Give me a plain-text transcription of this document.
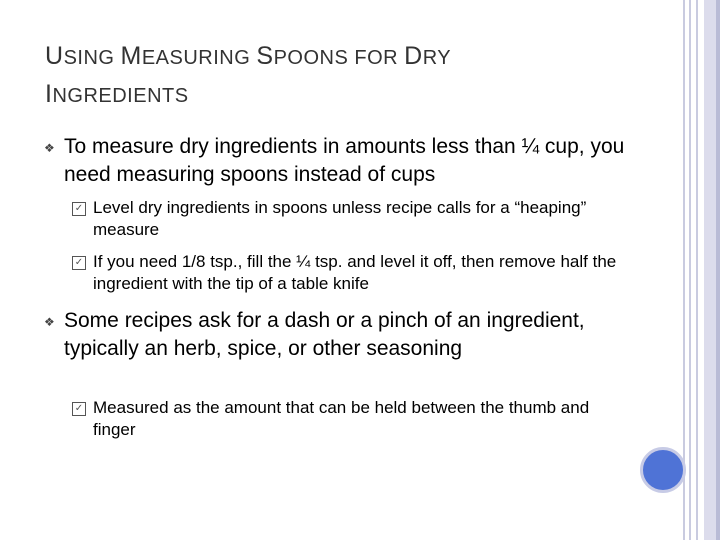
USING MEASURING SPOONS FOR DRY
INGREDIENTS
❖ To measure dry ingredients in amounts less than ¼ cup, you need measuring spoons instead of cups
✓ Level dry ingredients in spoons unless recipe calls for a “heaping” measure
✓ If you need 1/8 tsp., fill the ¼ tsp. and level it off, then remove half the ingredient with the tip of a table knife
❖ Some recipes ask for a dash or a pinch of an ingredient, typically an herb, spice, or other seasoning
✓ Measured as the amount that can be held between the thumb and finger
